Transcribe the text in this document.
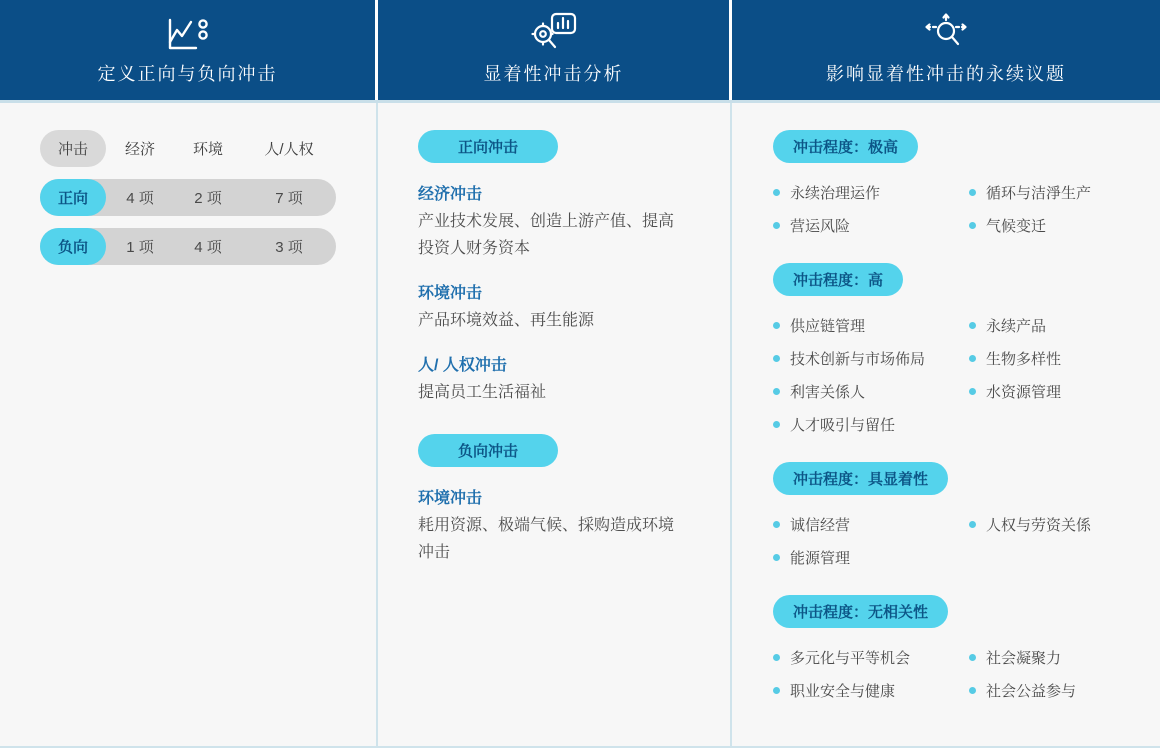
定义正向与负向冲击
冲击	经济	环境	人/人权
正向	4 项	2 项	7 项
负向	1 项	4 项	3 项
显着性冲击分析
正向冲击
经济冲击
产业技术发展、创造上游产值、提高投资人财务资本
环境冲击
产品环境效益、再生能源
人/ 人权冲击
提高员工生活福祉
负向冲击
环境冲击
耗用资源、极端气候、採购造成环境冲击
影响显着性冲击的永续议题
冲击程度：极高
永续治理运作
营运风险
循环与洁淨生产
气候变迁
冲击程度：高
供应链管理
技术创新与市场佈局
利害关係人
人才吸引与留任
永续产品
生物多样性
水资源管理
冲击程度：具显着性
诚信经营
能源管理
人权与劳资关係
冲击程度：无相关性
多元化与平等机会
职业安全与健康
社会凝聚力
社会公益参与
